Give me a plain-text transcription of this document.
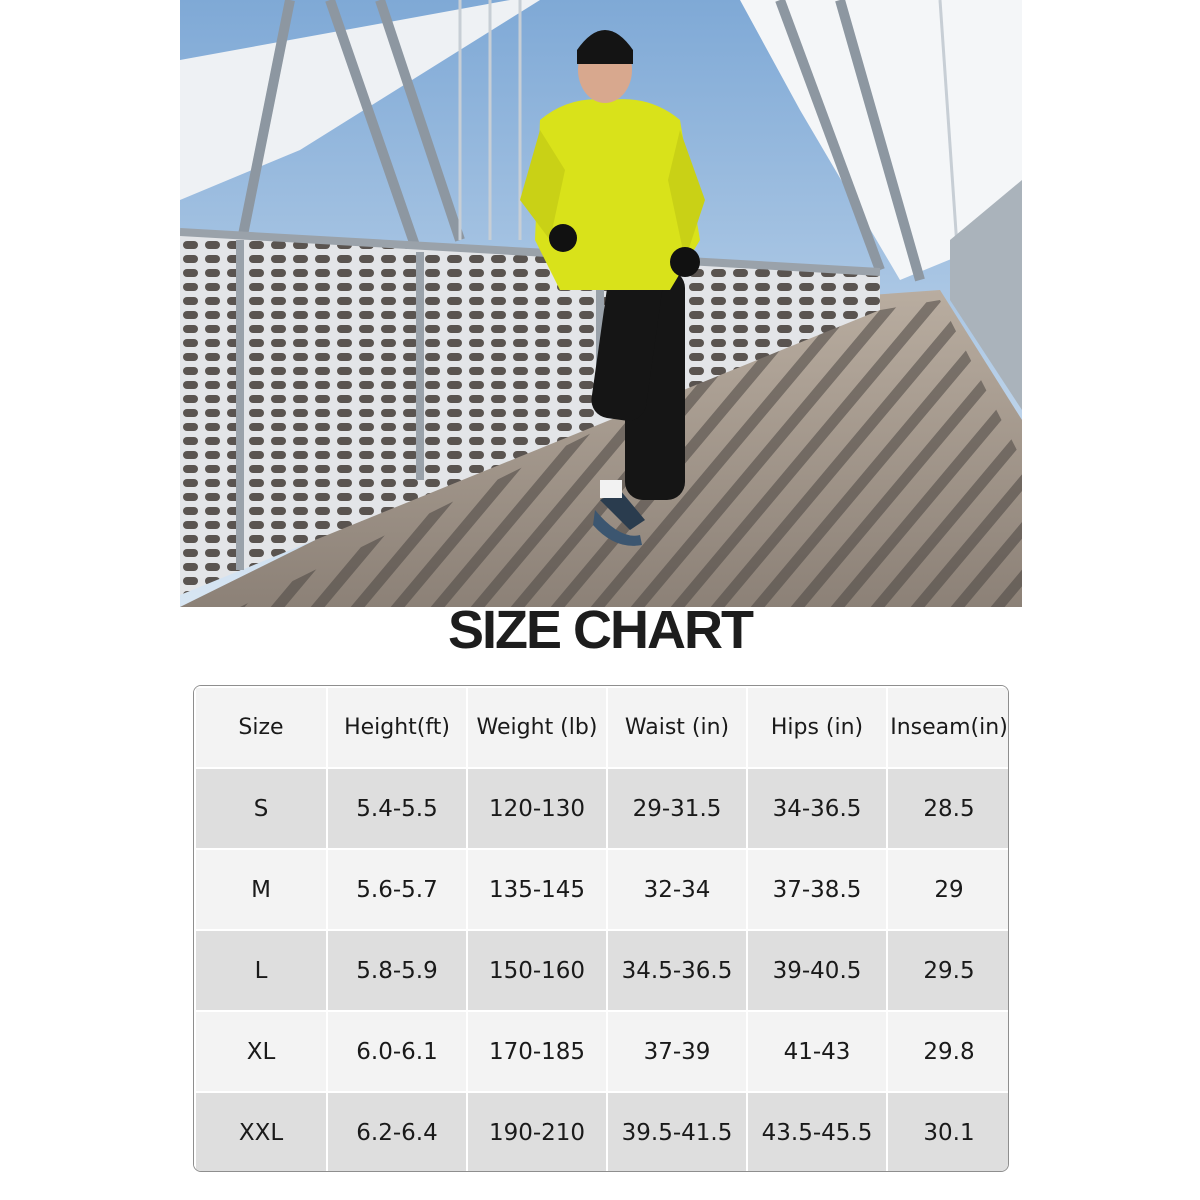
SIZE CHART
Size	Height(ft)	Weight (lb)	Waist (in)	Hips (in)	Inseam(in)
S	5.4-5.5	120-130	29-31.5	34-36.5	28.5
M	5.6-5.7	135-145	32-34	37-38.5	29
L	5.8-5.9	150-160	34.5-36.5	39-40.5	29.5
XL	6.0-6.1	170-185	37-39	41-43	29.8
XXL	6.2-6.4	190-210	39.5-41.5	43.5-45.5	30.1
